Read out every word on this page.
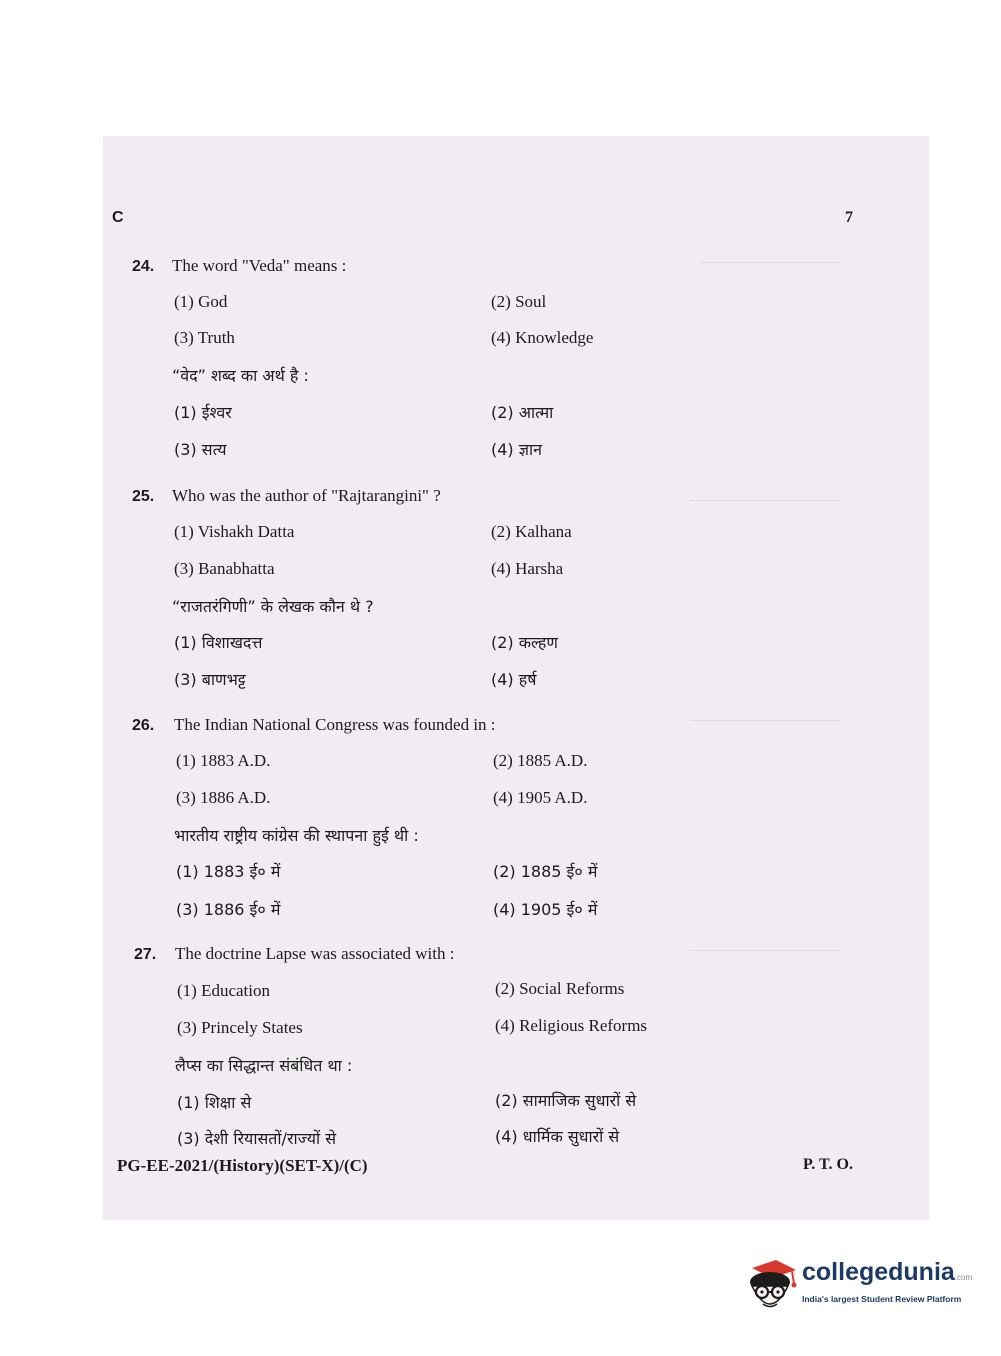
C	7
24. The word "Veda" means :
(1) God	(2) Soul
(3) Truth	(4) Knowledge
“वेद” शब्द का अर्थ है :
(1) ईश्वर	(2) आत्मा
(3) सत्य	(4) ज्ञान
25. Who was the author of "Rajtarangini" ?
(1) Vishakh Datta	(2) Kalhana
(3) Banabhatta	(4) Harsha
“राजतरंगिणी” के लेखक कौन थे ?
(1) विशाखदत्त	(2) कल्हण
(3) बाणभट्ट	(4) हर्ष
26. The Indian National Congress was founded in :
(1) 1883 A.D.	(2) 1885 A.D.
(3) 1886 A.D.	(4) 1905 A.D.
भारतीय राष्ट्रीय कांग्रेस की स्थापना हुई थी :
(1) 1883 ई० में	(2) 1885 ई० में
(3) 1886 ई० में	(4) 1905 ई० में
27. The doctrine Lapse was associated with :
(1) Education	(2) Social Reforms
(3) Princely States	(4) Religious Reforms
लैप्स का सिद्धान्त संबंधित था :
(1) शिक्षा से	(2) सामाजिक सुधारों से
(3) देशी रियासतों/राज्यों से	(4) धार्मिक सुधारों से
PG-EE-2021/(History)(SET-X)/(C)	P. T. O.
collegedunia.com
India's largest Student Review Platform
